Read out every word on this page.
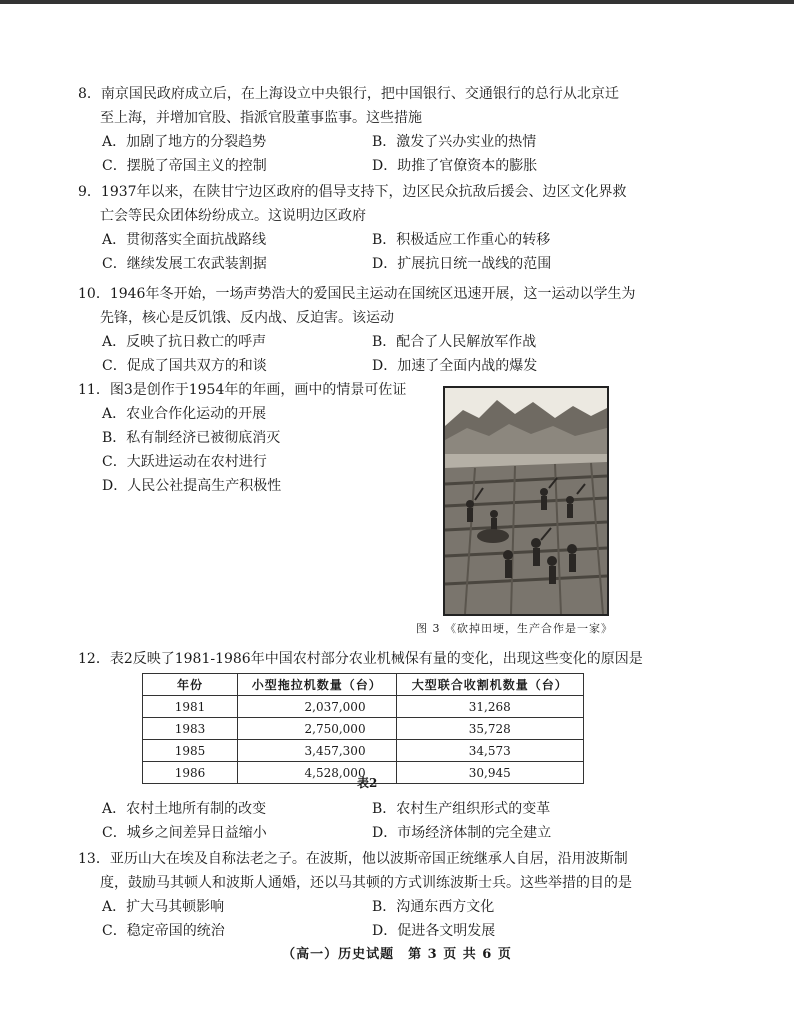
8．南京国民政府成立后，在上海设立中央银行，把中国银行、交通银行的总行从北京迁

至上海，并增加官股、指派官股董事监事。这些措施

A．加剧了地方的分裂趋势	B．激发了兴办实业的热情
C．摆脱了帝国主义的控制	D．助推了官僚资本的膨胀

9．1937年以来，在陕甘宁边区政府的倡导支持下，边区民众抗敌后援会、边区文化界救

亡会等民众团体纷纷成立。这说明边区政府

A．贯彻落实全面抗战路线	B．积极适应工作重心的转移
C．继续发展工农武装割据	D．扩展抗日统一战线的范围

10．1946年冬开始，一场声势浩大的爱国民主运动在国统区迅速开展，这一运动以学生为

先锋，核心是反饥饿、反内战、反迫害。该运动

A．反映了抗日救亡的呼声	B．配合了人民解放军作战
C．促成了国共双方的和谈	D．加速了全面内战的爆发

11．图3是创作于1954年的年画，画中的情景可佐证

A．农业合作化运动的开展
B．私有制经济已被彻底消灭
C．大跃进运动在农村进行
D．人民公社提高生产积极性
图 3 《砍掉田埂，生产合作是一家》

12．表2反映了1981-1986年中国农村部分农业机械保有量的变化，出现这些变化的原因是

年份	小型拖拉机数量（台）	大型联合收割机数量（台）
1981	2,037,000	31,268
1983	2,750,000	35,728
1985	3,457,300	34,573
1986	4,528,000	30,945
表2
A．农村土地所有制的改变	B．农村生产组织形式的变革
C．城乡之间差异日益缩小	D．市场经济体制的完全建立

13．亚历山大在埃及自称法老之子。在波斯，他以波斯帝国正统继承人自居，沿用波斯制

度，鼓励马其顿人和波斯人通婚，还以马其顿的方式训练波斯士兵。这些举措的目的是

A．扩大马其顿影响	B．沟通东西方文化
C．稳定帝国的统治	D．促进各文明发展
（高一）历史试题　第 3 页 共 6 页
